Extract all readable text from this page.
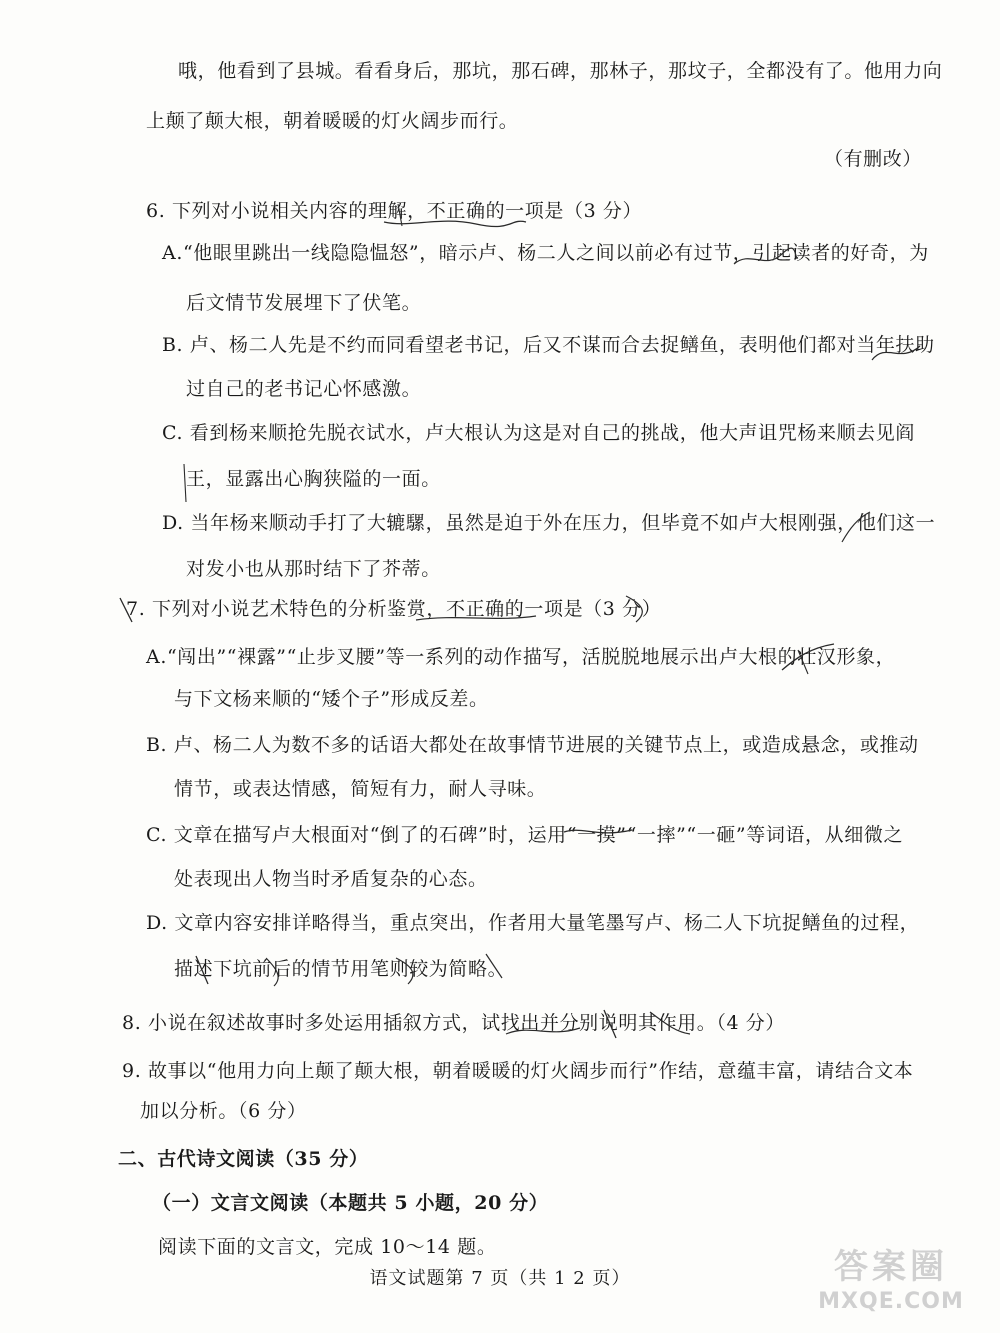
哦，他看到了县城。看看身后，那坑，那石碑，那林子，那坟子，全都没有了。他用力向
上颠了颠大根，朝着暖暖的灯火阔步而行。
（有删改）
6. 下列对小说相关内容的理解，不正确的一项是（3 分）
A.“他眼里跳出一线隐隐愠怒”，暗示卢、杨二人之间以前必有过节，引起读者的好奇，为
后文情节发展埋下了伏笔。
B. 卢、杨二人先是不约而同看望老书记，后又不谋而合去捉鳝鱼，表明他们都对当年扶助
过自己的老书记心怀感激。
C. 看到杨来顺抢先脱衣试水，卢大根认为这是对自己的挑战，他大声诅咒杨来顺去见阎
王，显露出心胸狭隘的一面。
D. 当年杨来顺动手打了大辘騾，虽然是迫于外在压力，但毕竟不如卢大根刚强，他们这一
对发小也从那时结下了芥蒂。
7. 下列对小说艺术特色的分析鉴赏，不正确的一项是（3 分）
A.“闯出”“裸露”“止步叉腰”等一系列的动作描写，活脱脱地展示出卢大根的壮汉形象，
与下文杨来顺的“矮个子”形成反差。
B. 卢、杨二人为数不多的话语大都处在故事情节进展的关键节点上，或造成悬念，或推动
情节，或表达情感，简短有力，耐人寻味。
C. 文章在描写卢大根面对“倒了的石碑”时，运用“一摸”“一摔”“一砸”等词语，从细微之
处表现出人物当时矛盾复杂的心态。
D. 文章内容安排详略得当，重点突出，作者用大量笔墨写卢、杨二人下坑捉鳝鱼的过程，
描述下坑前后的情节用笔则较为简略。
8. 小说在叙述故事时多处运用插叙方式，试找出并分别说明其作用。（4 分）
9. 故事以“他用力向上颠了颠大根，朝着暖暖的灯火阔步而行”作结，意蕴丰富，请结合文本
加以分析。（6 分）
二、古代诗文阅读（35 分）
（一）文言文阅读（本题共 5 小题，20 分）
阅读下面的文言文，完成 10～14 题。
语文试题第 7 页（共 1 2 页）	答案圈
MXQE.COM
